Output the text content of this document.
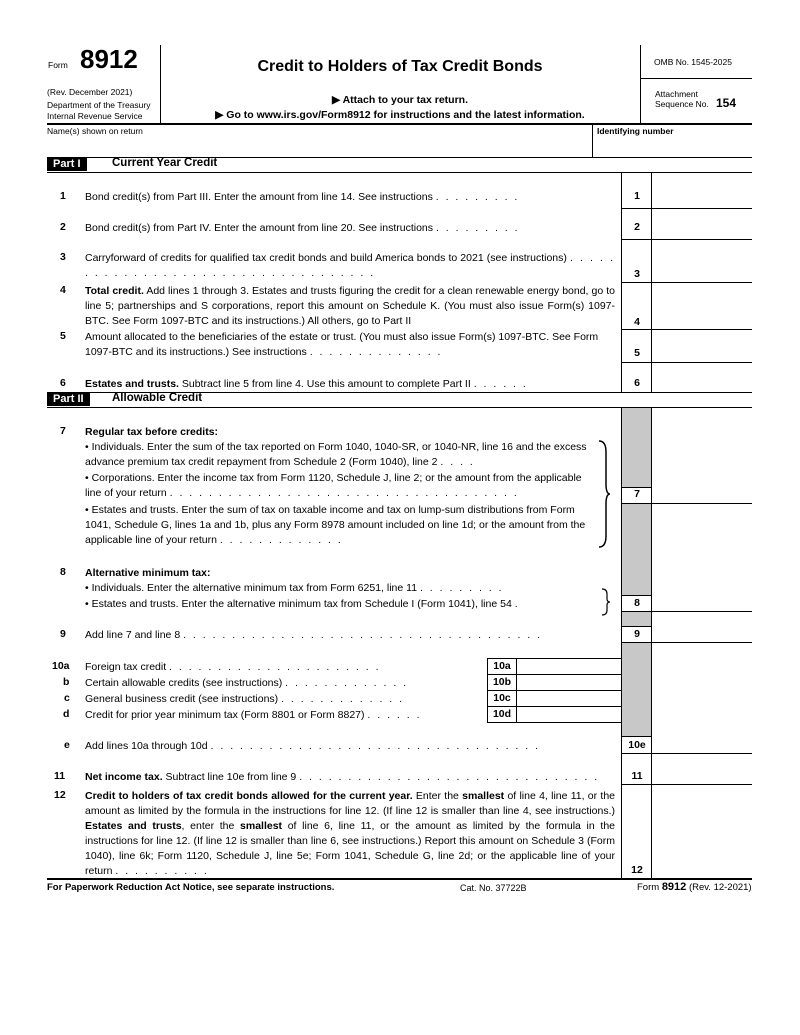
Form 8912
(Rev. December 2021)
Department of the Treasury
Internal Revenue Service
Credit to Holders of Tax Credit Bonds
▶ Attach to your tax return.
▶ Go to www.irs.gov/Form8912 for instructions and the latest information.
OMB No. 1545-2025
Attachment
Sequence No. 154
Name(s) shown on return	Identifying number
Part I	Current Year Credit
1 Bond credit(s) from Part III. Enter the amount from line 14. See instructions . . . . . . . . .	1
2 Bond credit(s) from Part IV. Enter the amount from line 20. See instructions . . . . . . . . .	2
3 Carryforward of credits for qualified tax credit bonds and build America bonds to 2021 (see instructions) . . . . . . . . . . . . . . . . . . . . . . . . . . . . . . . . . . .	3
4 Total credit. Add lines 1 through 3. Estates and trusts figuring the credit for a clean renewable energy bond, go to line 5; partnerships and S corporations, report this amount on Schedule K. (You must also issue Form(s) 1097-BTC. See Form 1097-BTC and its instructions.) All others, go to Part II	4
5 Amount allocated to the beneficiaries of the estate or trust. (You must also issue Form(s) 1097-BTC. See Form 1097-BTC and its instructions.) See instructions . . . . . . . . . . . . . .	5
6 Estates and trusts. Subtract line 5 from line 4. Use this amount to complete Part II . . . . . .	6
Part II	Allowable Credit
7 Regular tax before credits:
• Individuals. Enter the sum of the tax reported on Form 1040, 1040-SR, or 1040-NR, line 16 and the excess advance premium tax credit repayment from Schedule 2 (Form 1040), line 2 . . . .
• Corporations. Enter the income tax from Form 1120, Schedule J, line 2; or the amount from the applicable line of your return . . . . . . . . . . . . . . . . . . . . . . . . . . . . . . . . . . . .
• Estates and trusts. Enter the sum of tax on taxable income and tax on lump-sum distributions from Form 1041, Schedule G, lines 1a and 1b, plus any Form 8978 amount included on line 1d; or the amount from the applicable line of your return . . . . . . . . . . . . .
7
8 Alternative minimum tax:
• Individuals. Enter the alternative minimum tax from Form 6251, line 11 . . . . . . . . .
• Estates and trusts. Enter the alternative minimum tax from Schedule I (Form 1041), line 54 .	8
9 Add line 7 and line 8 . . . . . . . . . . . . . . . . . . . . . . . . . . . . . . . . . . . . .	9
10a Foreign tax credit . . . . . . . . . . . . . . . . . . . . . .	10a
b Certain allowable credits (see instructions) . . . . . . . . . . . . .	10b
c General business credit (see instructions) . . . . . . . . . . . . .	10c
d Credit for prior year minimum tax (Form 8801 or Form 8827) . . . . . .	10d
e Add lines 10a through 10d . . . . . . . . . . . . . . . . . . . . . . . . . . . . . . . . . .	10e
11 Net income tax. Subtract line 10e from line 9 . . . . . . . . . . . . . . . . . . . . . . . . . . . . . . .	11
12 Credit to holders of tax credit bonds allowed for the current year. Enter the smallest of line 4, line 11, or the amount as limited by the formula in the instructions for line 12. (If line 12 is smaller than line 4, see instructions.) Estates and trusts, enter the smallest of line 6, line 11, or the amount as limited by the formula in the instructions for line 12. (If line 12 is smaller than line 6, see instructions.) Report this amount on Schedule 3 (Form 1040), line 6k; Form 1120, Schedule J, line 5e; Form 1041, Schedule G, line 2d; or the applicable line of your return . . . . . . . . . .	12
For Paperwork Reduction Act Notice, see separate instructions.	Cat. No. 37722B	Form 8912 (Rev. 12-2021)
